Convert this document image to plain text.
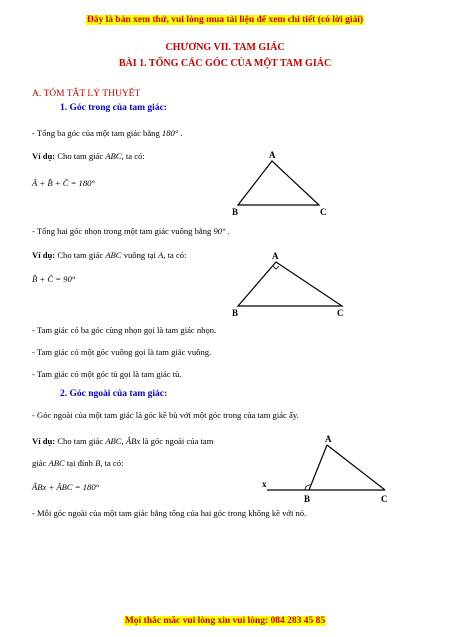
Đây là bản xem thử, vui lòng mua tài liệu để xem chi tiết (có lời giải)
CHƯƠNG VII. TAM GIÁC
BÀI 1. TỔNG CÁC GÓC CỦA MỘT TAM GIÁC
A. TÓM TẮT LÝ THUYẾT
1. Góc trong của tam giác:
- Tổng ba góc của một tam giác bằng 180° .
Ví dụ: Cho tam giác ABC, ta có:
Â + B̂ + Ĉ = 180°
A
B	C
- Tổng hai góc nhọn trong một tam giác vuông bằng 90° .
Ví dụ: Cho tam giác ABC vuông tại A, ta có:
B̂ + Ĉ = 90°
A
B	C
- Tam giác có ba góc cùng nhọn gọi là tam giác nhọn.
- Tam giác có một góc vuông gọi là tam giác vuông.
- Tam giác có một góc tù gọi là tam giác tù.
2. Góc ngoài của tam giác:
- Góc ngoài của một tam giác là góc kề bù với một góc trong của tam giác ấy.
Ví dụ: Cho tam giác ABC, ÂBx là góc ngoài của tam
giác ABC tại đỉnh B, ta có:
ÂBx + ÂBC = 180°
A
B	C
x
- Mỗi góc ngoài của một tam giác bằng tổng của hai góc trong không kề với nó.
Mọi thắc mắc vui lòng xin vui lòng: 084 283 45 85
